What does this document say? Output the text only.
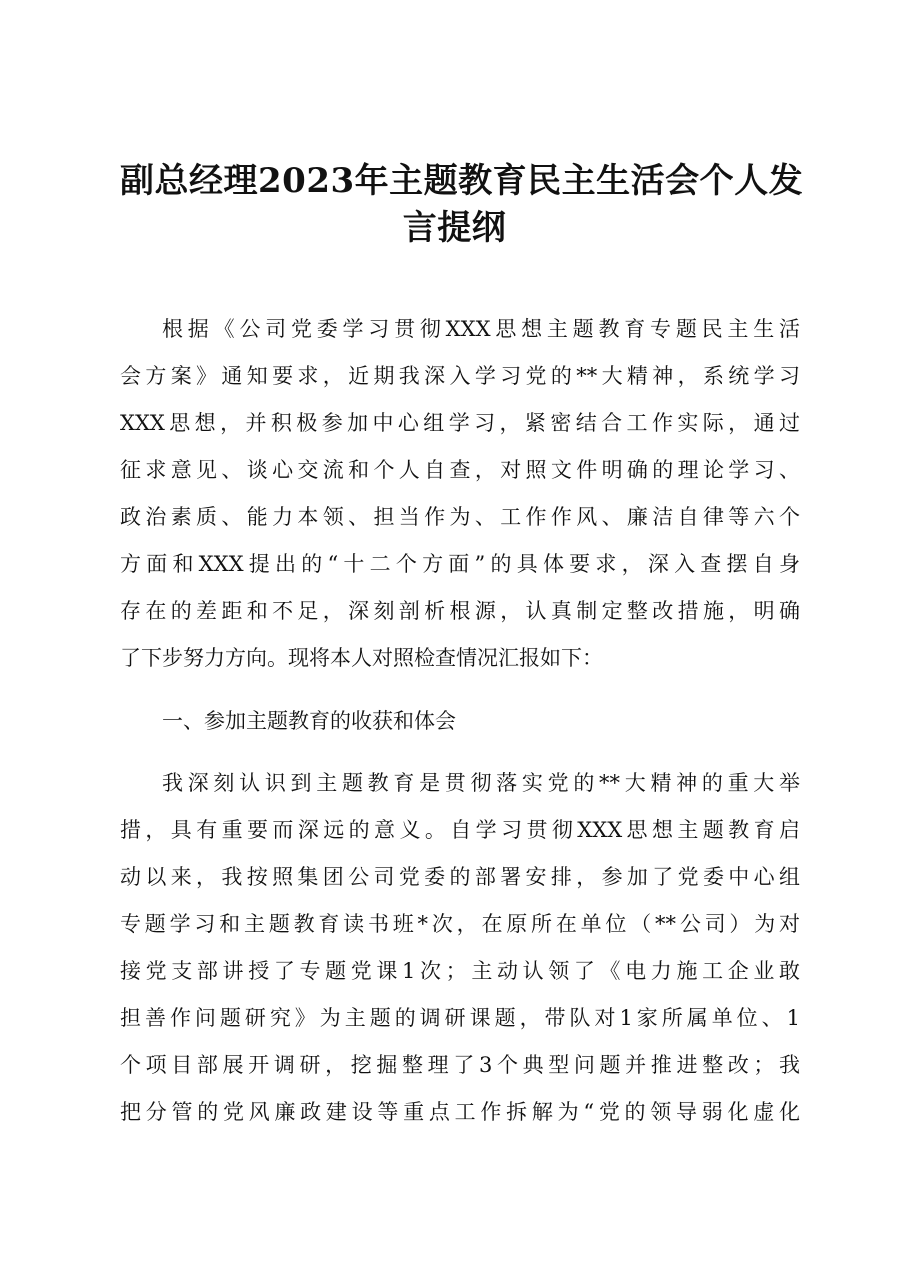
副总经理2023年主题教育民主生活会个人发
言提纲
根据《公司党委学习贯彻XXX思想主题教育专题民主生活
会方案》通知要求，近期我深入学习党的**大精神，系统学习
XXX思想，并积极参加中心组学习，紧密结合工作实际，通过
征求意见、谈心交流和个人自查，对照文件明确的理论学习、
政治素质、能力本领、担当作为、工作作风、廉洁自律等六个
方面和XXX提出的“十二个方面”的具体要求，深入查摆自身
存在的差距和不足，深刻剖析根源，认真制定整改措施，明确
了下步努力方向。现将本人对照检查情况汇报如下：
一、参加主题教育的收获和体会
我深刻认识到主题教育是贯彻落实党的**大精神的重大举
措，具有重要而深远的意义。自学习贯彻XXX思想主题教育启
动以来，我按照集团公司党委的部署安排，参加了党委中心组
专题学习和主题教育读书班*次，在原所在单位（**公司）为对
接党支部讲授了专题党课1次；主动认领了《电力施工企业敢
担善作问题研究》为主题的调研课题，带队对1家所属单位、1
个项目部展开调研，挖掘整理了3个典型问题并推进整改；我
把分管的党风廉政建设等重点工作拆解为“党的领导弱化虚化
